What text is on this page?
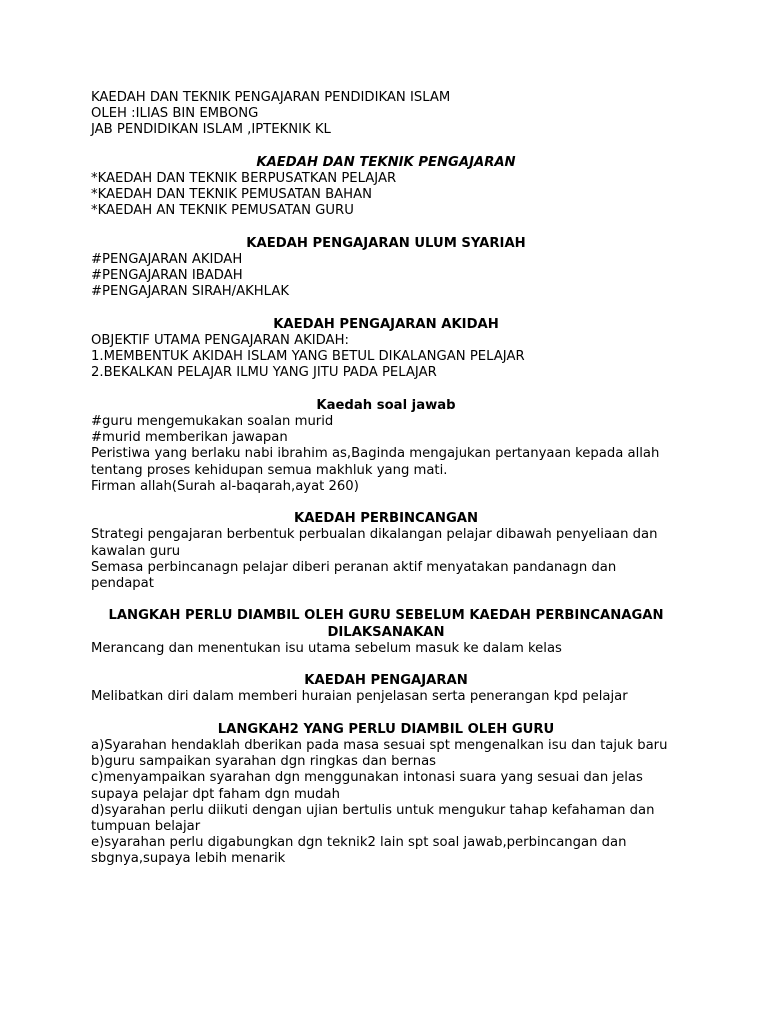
KAEDAH DAN TEKNIK PENGAJARAN PENDIDIKAN ISLAM
OLEH :ILIAS BIN EMBONG
JAB PENDIDIKAN ISLAM ,IPTEKNIK KL
KAEDAH DAN TEKNIK PENGAJARAN
*KAEDAH DAN TEKNIK BERPUSATKAN PELAJAR
*KAEDAH DAN TEKNIK PEMUSATAN BAHAN
*KAEDAH AN TEKNIK PEMUSATAN GURU
KAEDAH PENGAJARAN ULUM SYARIAH
#PENGAJARAN AKIDAH
#PENGAJARAN IBADAH
#PENGAJARAN SIRAH/AKHLAK
KAEDAH PENGAJARAN AKIDAH
OBJEKTIF UTAMA PENGAJARAN AKIDAH:
1.MEMBENTUK AKIDAH ISLAM YANG BETUL DIKALANGAN PELAJAR
2.BEKALKAN PELAJAR ILMU YANG JITU PADA PELAJAR
Kaedah soal jawab
#guru mengemukakan soalan murid
#murid memberikan jawapan
Peristiwa yang berlaku nabi ibrahim as,Baginda mengajukan pertanyaan kepada allah tentang proses kehidupan semua makhluk yang mati.
Firman allah(Surah al-baqarah,ayat 260)
KAEDAH PERBINCANGAN
Strategi pengajaran berbentuk perbualan dikalangan pelajar dibawah penyeliaan dan kawalan guru
Semasa perbincanagn pelajar diberi peranan aktif menyatakan pandanagn dan pendapat
LANGKAH PERLU DIAMBIL OLEH GURU SEBELUM KAEDAH PERBINCANAGAN DILAKSANAKAN
Merancang dan menentukan isu utama sebelum masuk ke dalam kelas
KAEDAH PENGAJARAN
Melibatkan diri dalam memberi huraian penjelasan serta penerangan kpd pelajar
LANGKAH2 YANG PERLU DIAMBIL OLEH GURU
a)Syarahan hendaklah dberikan pada masa sesuai spt mengenalkan isu dan tajuk baru
b)guru sampaikan syarahan dgn ringkas dan bernas
c)menyampaikan syarahan dgn menggunakan intonasi suara yang sesuai dan jelas supaya pelajar dpt faham dgn mudah
d)syarahan perlu diikuti dengan ujian bertulis untuk mengukur tahap kefahaman dan tumpuan belajar
e)syarahan perlu digabungkan dgn teknik2 lain spt soal jawab,perbincangan dan sbgnya,supaya lebih menarik
